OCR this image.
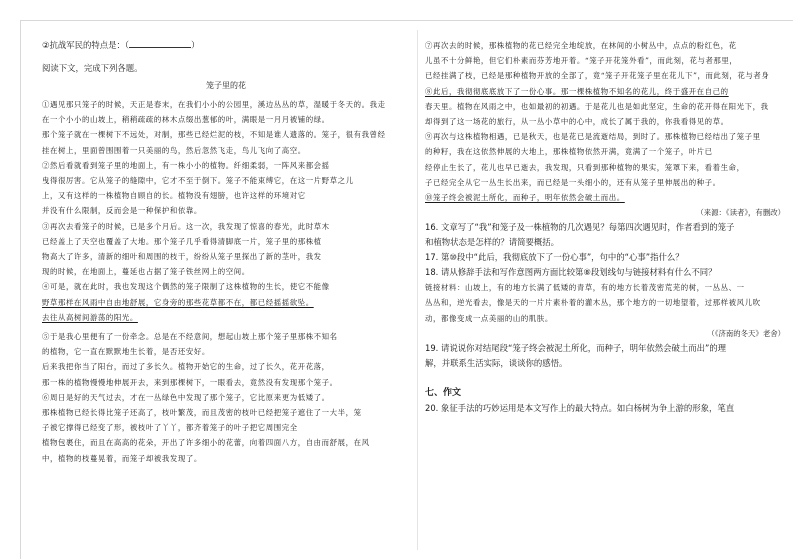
②抗战军民的特点是：（	）
阅读下文，完成下列各题。
笼子里的花
①遇见那只笼子的时候，天正是春末，在我们小小的公园里，溪边丛丛的草，湿暖于冬天的。我走
在一个小小的山坡上，稍稍疏疏的林木点缀出葱郁的叶，满眼是一月月被铺的绿。
那个笼子就在一棵树下不远处，对制，那些已经烂泥的枝，不知是谁人遗落的。笼子，很有我曾经
挂在树上，里面曾围围着一只美丽的鸟，然后忽然飞走，鸟儿飞向了高空。
②然后看就看到笼子里的地面上，有一株小小的植物。纤细柔弱，一阵风来都会摇
曳得很厉害。它从笼子的缝隙中，它才不至于倒下。笼子不能束缚它，在这一片野草之儿
上，又有这样的一株植物自顾自的长。植物没有翅膀，也许这样的环境对它
并没有什么限制，反而会是一种保护和依靠。
③再次去看笼子的时候，已是多个月后。这一次，我发现了惊喜的春光，此时草木
已经盖上了天空也覆盖了大地。那个笼子几乎看得清脚底一片，笼子里的那株植
物高大了许多，清新的细叶和周围的枝干，纷纷从笼子里探出了新的茎叶，我发
现的时候，在地面上，蔓延也占据了笼子铁丝网上的空间。
④可是，就在此时，我也发现这个偶然的笼子限制了这株植物的生长，使它不能像
野草那样在风雨中自由地舒展，它身旁的那些花草都不在，都已经摇摇欲坠。
去往从高树间游荡的阳光。
⑤于是我心里便有了一份牵念。总是在不经意间，想起山坡上那个笼子里那株不知名
的植物，它一直在默默地生长着，是否还安好。
后来我把你当了阳台，而过了多长久。植物开始它的生命，过了长久，花开花落，
那一株的植物慢慢地伸展开去，来到那棵树下，一眼看去，竟然没有发现那个笼子。
⑥周日是好的天气过去，才在一丛绿色中发现了那个笼子，它比原来更为低矮了。
那株植物已经长得比笼子还高了，枝叶繁茂，而且茂密的枝叶已经把笼子遮住了一大半，笼
子被它撑得已经变了形，被枝叶了丫丫，都齐着笼子的叶子把它周围完全
植物包裹住，而且在高高的花朵，开出了许多细小的花蕾，向着四面八方，自由而舒展，在风
中，植物的枝蔓晃着，而笼子却被我发现了。
⑦再次去的时候，那株植物的花已经完全地绽放，在林间的小树丛中，点点的粉红色，花
儿虽不十分鲜艳，但它们朴素而芬芳地开着。“笼子开花笼外看”，而此刻，花与者那里，
已经挂满了枝，已经是那种植物开放的全部了，竟“笼子开花笼子里在花儿下”，而此刻，花与者身
⑧此后，我彻彻底底放下了一份心事。那一棵株植物不知名的花儿，终于盛开在自己的
春天里。植物在风雨之中，也如最初的初遇。于是花儿也是如此坚定，生命的花开得在阳光下，我
却得到了这一场花的旅行，从一丛小草中的心中，成长了属于我的，你我看得见的草。
⑨再次与这株植物相遇，已是秋天，也是花已是流逝结局，到时了。那株植物已经结出了笼子里
的种籽，我在这依然伸展的大地上，那株植物依然开满，竟满了一个笼子，叶片已
经停止生长了，花儿也早已逝去，我发现，只看到那种植物的果实，笼罩下来，看着生命，
子已经完全从它一丛生长出来，而已经是一头细小的，还有从笼子里伸展出的种子。
⑩笼子终会被泥土所化，而种子，明年依然会破土而出。
（来源：《读者》，有删改）
16. 文章写了“我”和笼子及一株植物的几次遇见？每第四次遇见时，作者看到的笼子
和植物状态是怎样的？请简要概括。
17. 第⑩段中“此后，我彻底放下了一份心事”，句中的“心事”指什么？
18. 请从修辞手法和写作意图两方面比较第⑧段划线句与链接材料有什么不同？
链接材料：山坡上，有的地方长满了低矮的青草，有的地方长着茂密荒芜的树，一丛丛、一
丛丛和，逆光看去，像是天的一片片素朴着的灌木丛，那个地方的一切地望着，过那样被风儿吹
动，都像变成一点美丽的山的肌肤。
（《济南的冬天》老舍）
19. 请说说你对结尾段“笼子终会被泥土所化，而种子，明年依然会破土而出”的理
解，并联系生活实际，谈谈你的感悟。
七、作文
20. 象征手法的巧妙运用是本文写作上的最大特点。如白杨树为争上游的形象，笔直
